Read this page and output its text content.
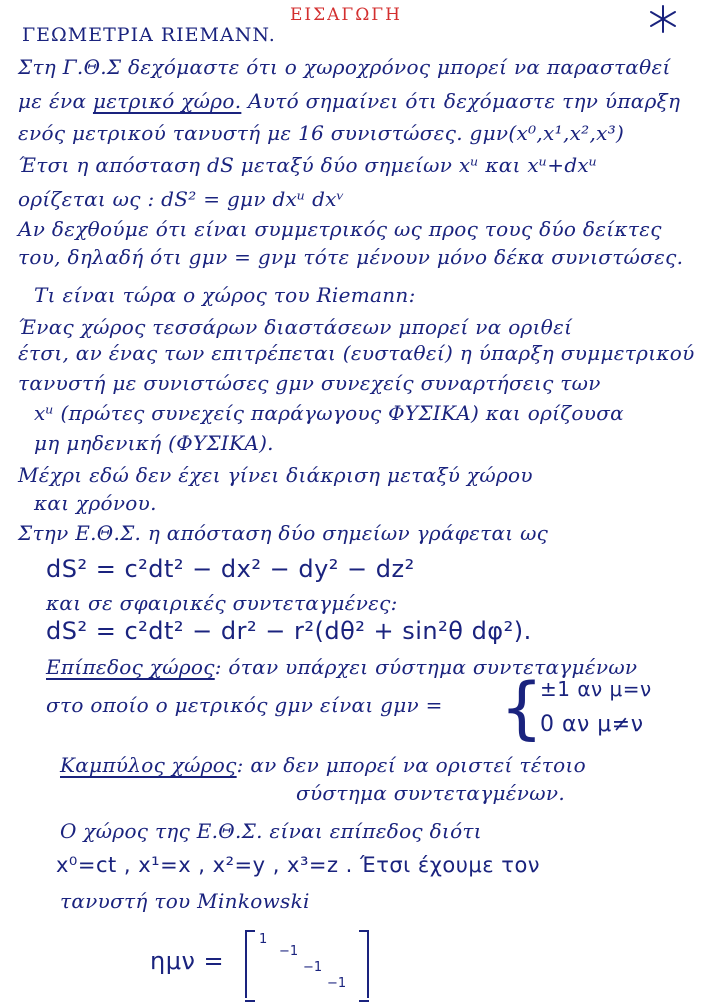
ΕΙΣΑΓΩΓΗ
ΓΕΩΜΕΤΡΙΑ RIEMANN.
Στη Γ.Θ.Σ δεχόμαστε ότι ο χωροχρόνος μπορεί να παρασταθεί
με ένα μετρικό χώρο. Αυτό σημαίνει ότι δεχόμαστε την ύπαρξη
ενός μετρικού τανυστή με 16 συνιστώσες. gμν(x⁰,x¹,x²,x³)
Έτσι η απόσταση dS μεταξύ δύο σημείων xᵘ και xᵘ+dxᵘ
ορίζεται ως : dS² = gμν dxᵘ dxᵛ
Αν δεχθούμε ότι είναι συμμετρικός ως προς τους δύο δείκτες
του, δηλαδή ότι gμν = gνμ τότε μένουν μόνο δέκα συνιστώσες.
Τι είναι τώρα ο χώρος του Riemann:
Ένας χώρος τεσσάρων διαστάσεων μπορεί να οριθεί
έτσι, αν ένας των επιτρέπεται (ευσταθεί) η ύπαρξη συμμετρικού
τανυστή με συνιστώσες gμν συνεχείς συναρτήσεις των
xᵘ (πρώτες συνεχείς παράγωγους ΦΥΣΙΚΑ) και ορίζουσα
μη μηδενική (ΦΥΣΙΚΑ).
Μέχρι εδώ δεν έχει γίνει διάκριση μεταξύ χώρου
και χρόνου.
Στην Ε.Θ.Σ. η απόσταση δύο σημείων γράφεται ως
dS² = c²dt² − dx² − dy² − dz²
και σε σφαιρικές συντεταγμένες:
dS² = c²dt² − dr² − r²(dθ² + sin²θ dφ²).
Επίπεδος χώρος: όταν υπάρχει σύστημα συντεταγμένων
στο οποίο ο μετρικός gμν είναι gμν = {
±1 αν μ=ν
0 αν μ≠ν
Καμπύλος χώρος: αν δεν μπορεί να οριστεί τέτοιο
σύστημα συντεταγμένων.
Ο χώρος της Ε.Θ.Σ. είναι επίπεδος διότι
x⁰=ct , x¹=x , x²=y , x³=z . Έτσι έχουμε τον
τανυστή του Minkowski
ημν =
1
−1
−1
−1
